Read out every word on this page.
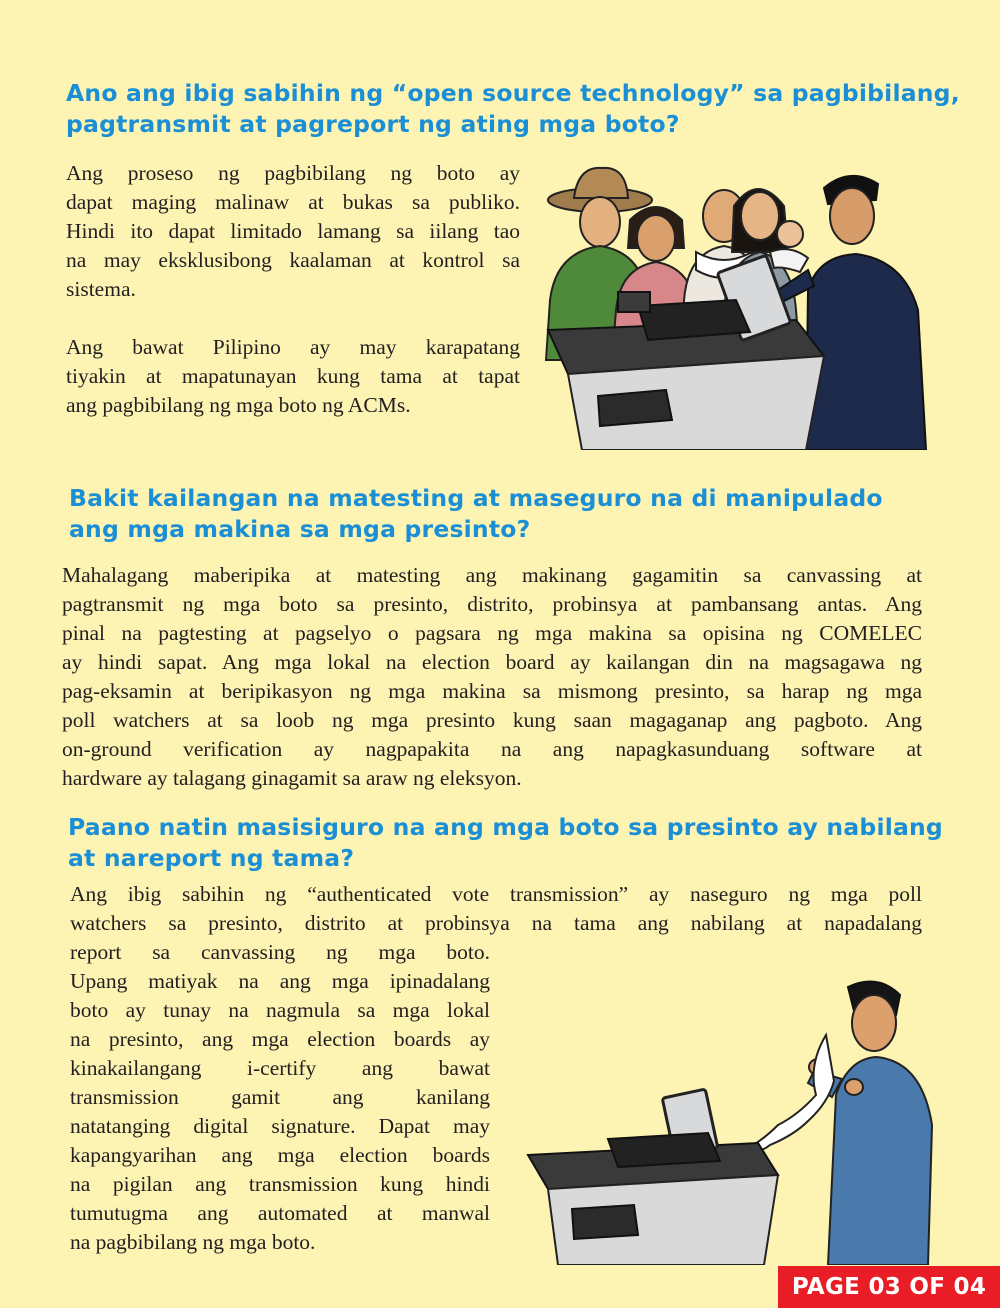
Ano ang ibig sabihin ng “open source technology” sa pagbibilang,
pagtransmit at pagreport ng ating mga boto?
Ang proseso ng pagbibilang ng boto ay
dapat maging malinaw at bukas sa publiko.
Hindi ito dapat limitado lamang sa iilang tao
na may eksklusibong kaalaman at kontrol sa
sistema.
Ang bawat Pilipino ay may karapatang
tiyakin at mapatunayan kung tama at tapat
ang pagbibilang ng mga boto ng ACMs.
Bakit kailangan na matesting at maseguro na di manipulado
ang mga makina sa mga presinto?
Mahalagang maberipika at matesting ang makinang gagamitin sa canvassing at
pagtransmit ng mga boto sa presinto, distrito, probinsya at pambansang antas. Ang
pinal na pagtesting at pagselyo o pagsara ng mga makina sa opisina ng COMELEC
ay hindi sapat. Ang mga lokal na election board ay kailangan din na magsagawa ng
pag-eksamin at beripikasyon ng mga makina sa mismong presinto, sa harap ng mga
poll watchers at sa loob ng mga presinto kung saan magaganap ang pagboto. Ang
on-ground verification ay nagpapakita na ang napagkasunduang software at
hardware ay talagang ginagamit sa araw ng eleksyon.
Paano natin masisiguro na ang mga boto sa presinto ay nabilang
at nareport ng tama?
Ang ibig sabihin ng “authenticated vote transmission” ay naseguro ng mga poll
watchers sa presinto, distrito at probinsya na tama ang nabilang at napadalang
report sa canvassing ng mga boto.
Upang matiyak na ang mga ipinadalang
boto ay tunay na nagmula sa mga lokal
na presinto, ang mga election boards ay
kinakailangang i-certify ang bawat
transmission gamit ang kanilang
natatanging digital signature. Dapat may
kapangyarihan ang mga election boards
na pigilan ang transmission kung hindi
tumutugma ang automated at manwal
na pagbibilang ng mga boto.
PAGE 03 OF 04
